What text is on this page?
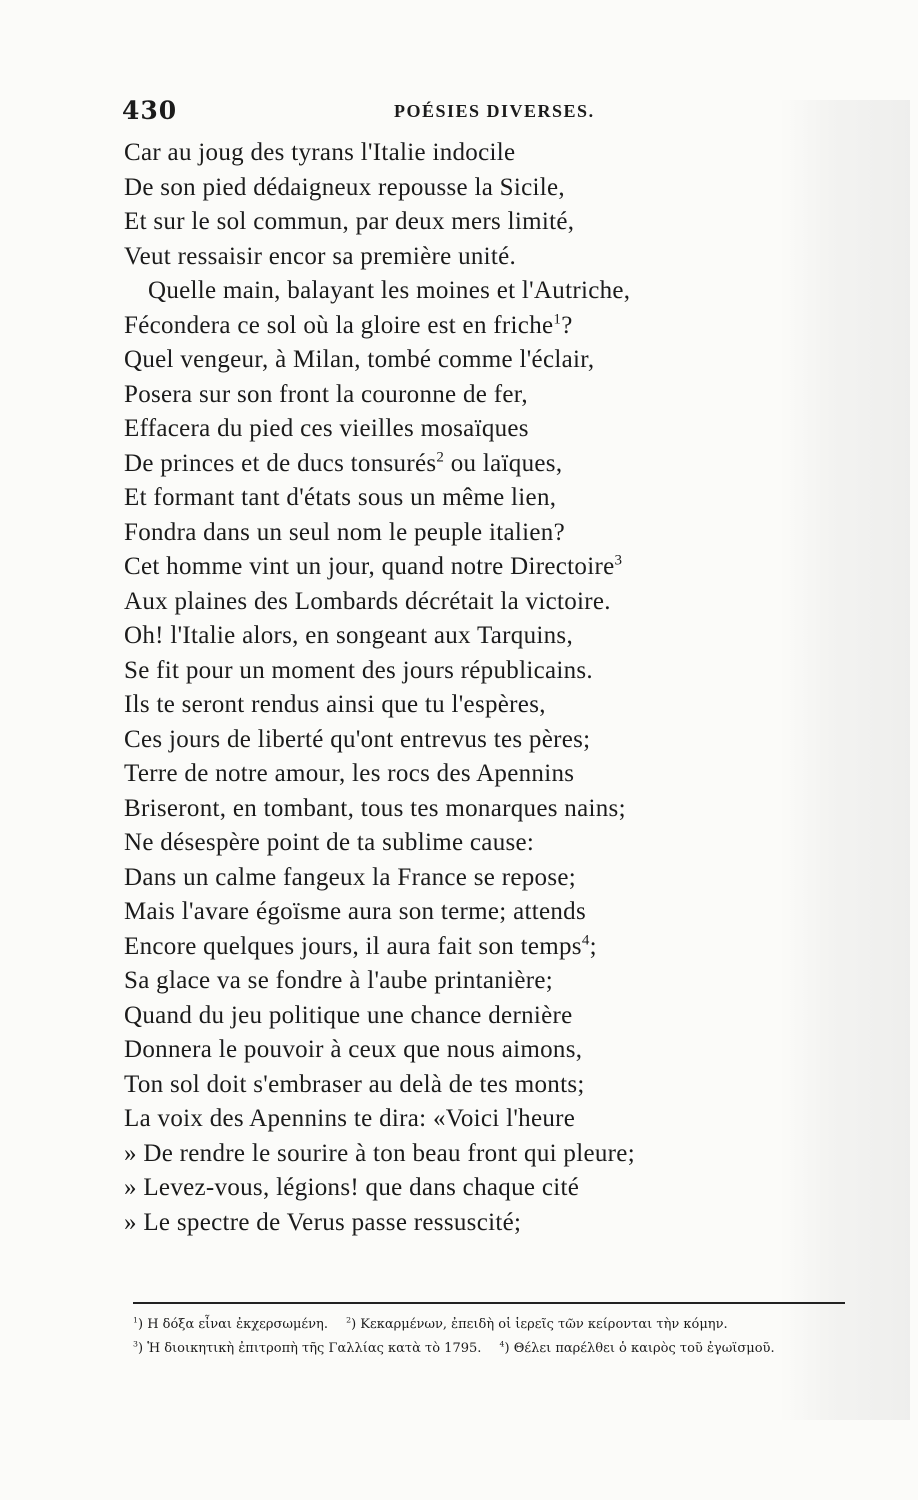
430	POÉSIES DIVERSES.
Car au joug des tyrans l'Italie indocile
De son pied dédaigneux repousse la Sicile,
Et sur le sol commun, par deux mers limité,
Veut ressaisir encor sa première unité.
Quelle main, balayant les moines et l'Autriche,
Fécondera ce sol où la gloire est en friche$^1$?
Quel vengeur, à Milan, tombé comme l'éclair,
Posera sur son front la couronne de fer,
Effacera du pied ces vieilles mosaïques
De princes et de ducs tonsurés$^2$ ou laïques,
Et formant tant d'états sous un même lien,
Fondra dans un seul nom le peuple italien?
Cet homme vint un jour, quand notre Directoire$^3$
Aux plaines des Lombards décrétait la victoire.
Oh! l'Italie alors, en songeant aux Tarquins,
Se fit pour un moment des jours républicains.
Ils te seront rendus ainsi que tu l'espères,
Ces jours de liberté qu'ont entrevus tes pères;
Terre de notre amour, les rocs des Apennins
Briseront, en tombant, tous tes monarques nains;
Ne désespère point de ta sublime cause:
Dans un calme fangeux la France se repose;
Mais l'avare égoïsme aura son terme; attends
Encore quelques jours, il aura fait son temps$^4$;
Sa glace va se fondre à l'aube printanière;
Quand du jeu politique une chance dernière
Donnera le pouvoir à ceux que nous aimons,
Ton sol doit s'embraser au delà de tes monts;
La voix des Apennins te dira: «Voici l'heure
» De rendre le sourire à ton beau front qui pleure;
» Levez-vous, légions! que dans chaque cité
» Le spectre de Verus passe ressuscité;
$^1$) Η δόξα εἶναι ἐκχερσωμένη. $^2$) Κεκαρμένων, ἐπειδὴ οἱ ἱερεῖς τῶν κείρονται τὴν κόμην.
$^3$) Ἡ διοικητικὴ ἐπιτροπὴ τῆς Γαλλίας κατὰ τὸ 1795. $^4$) Θέλει παρέλθει ὁ καιρὸς τοῦ ἐγωϊσμοῦ.
